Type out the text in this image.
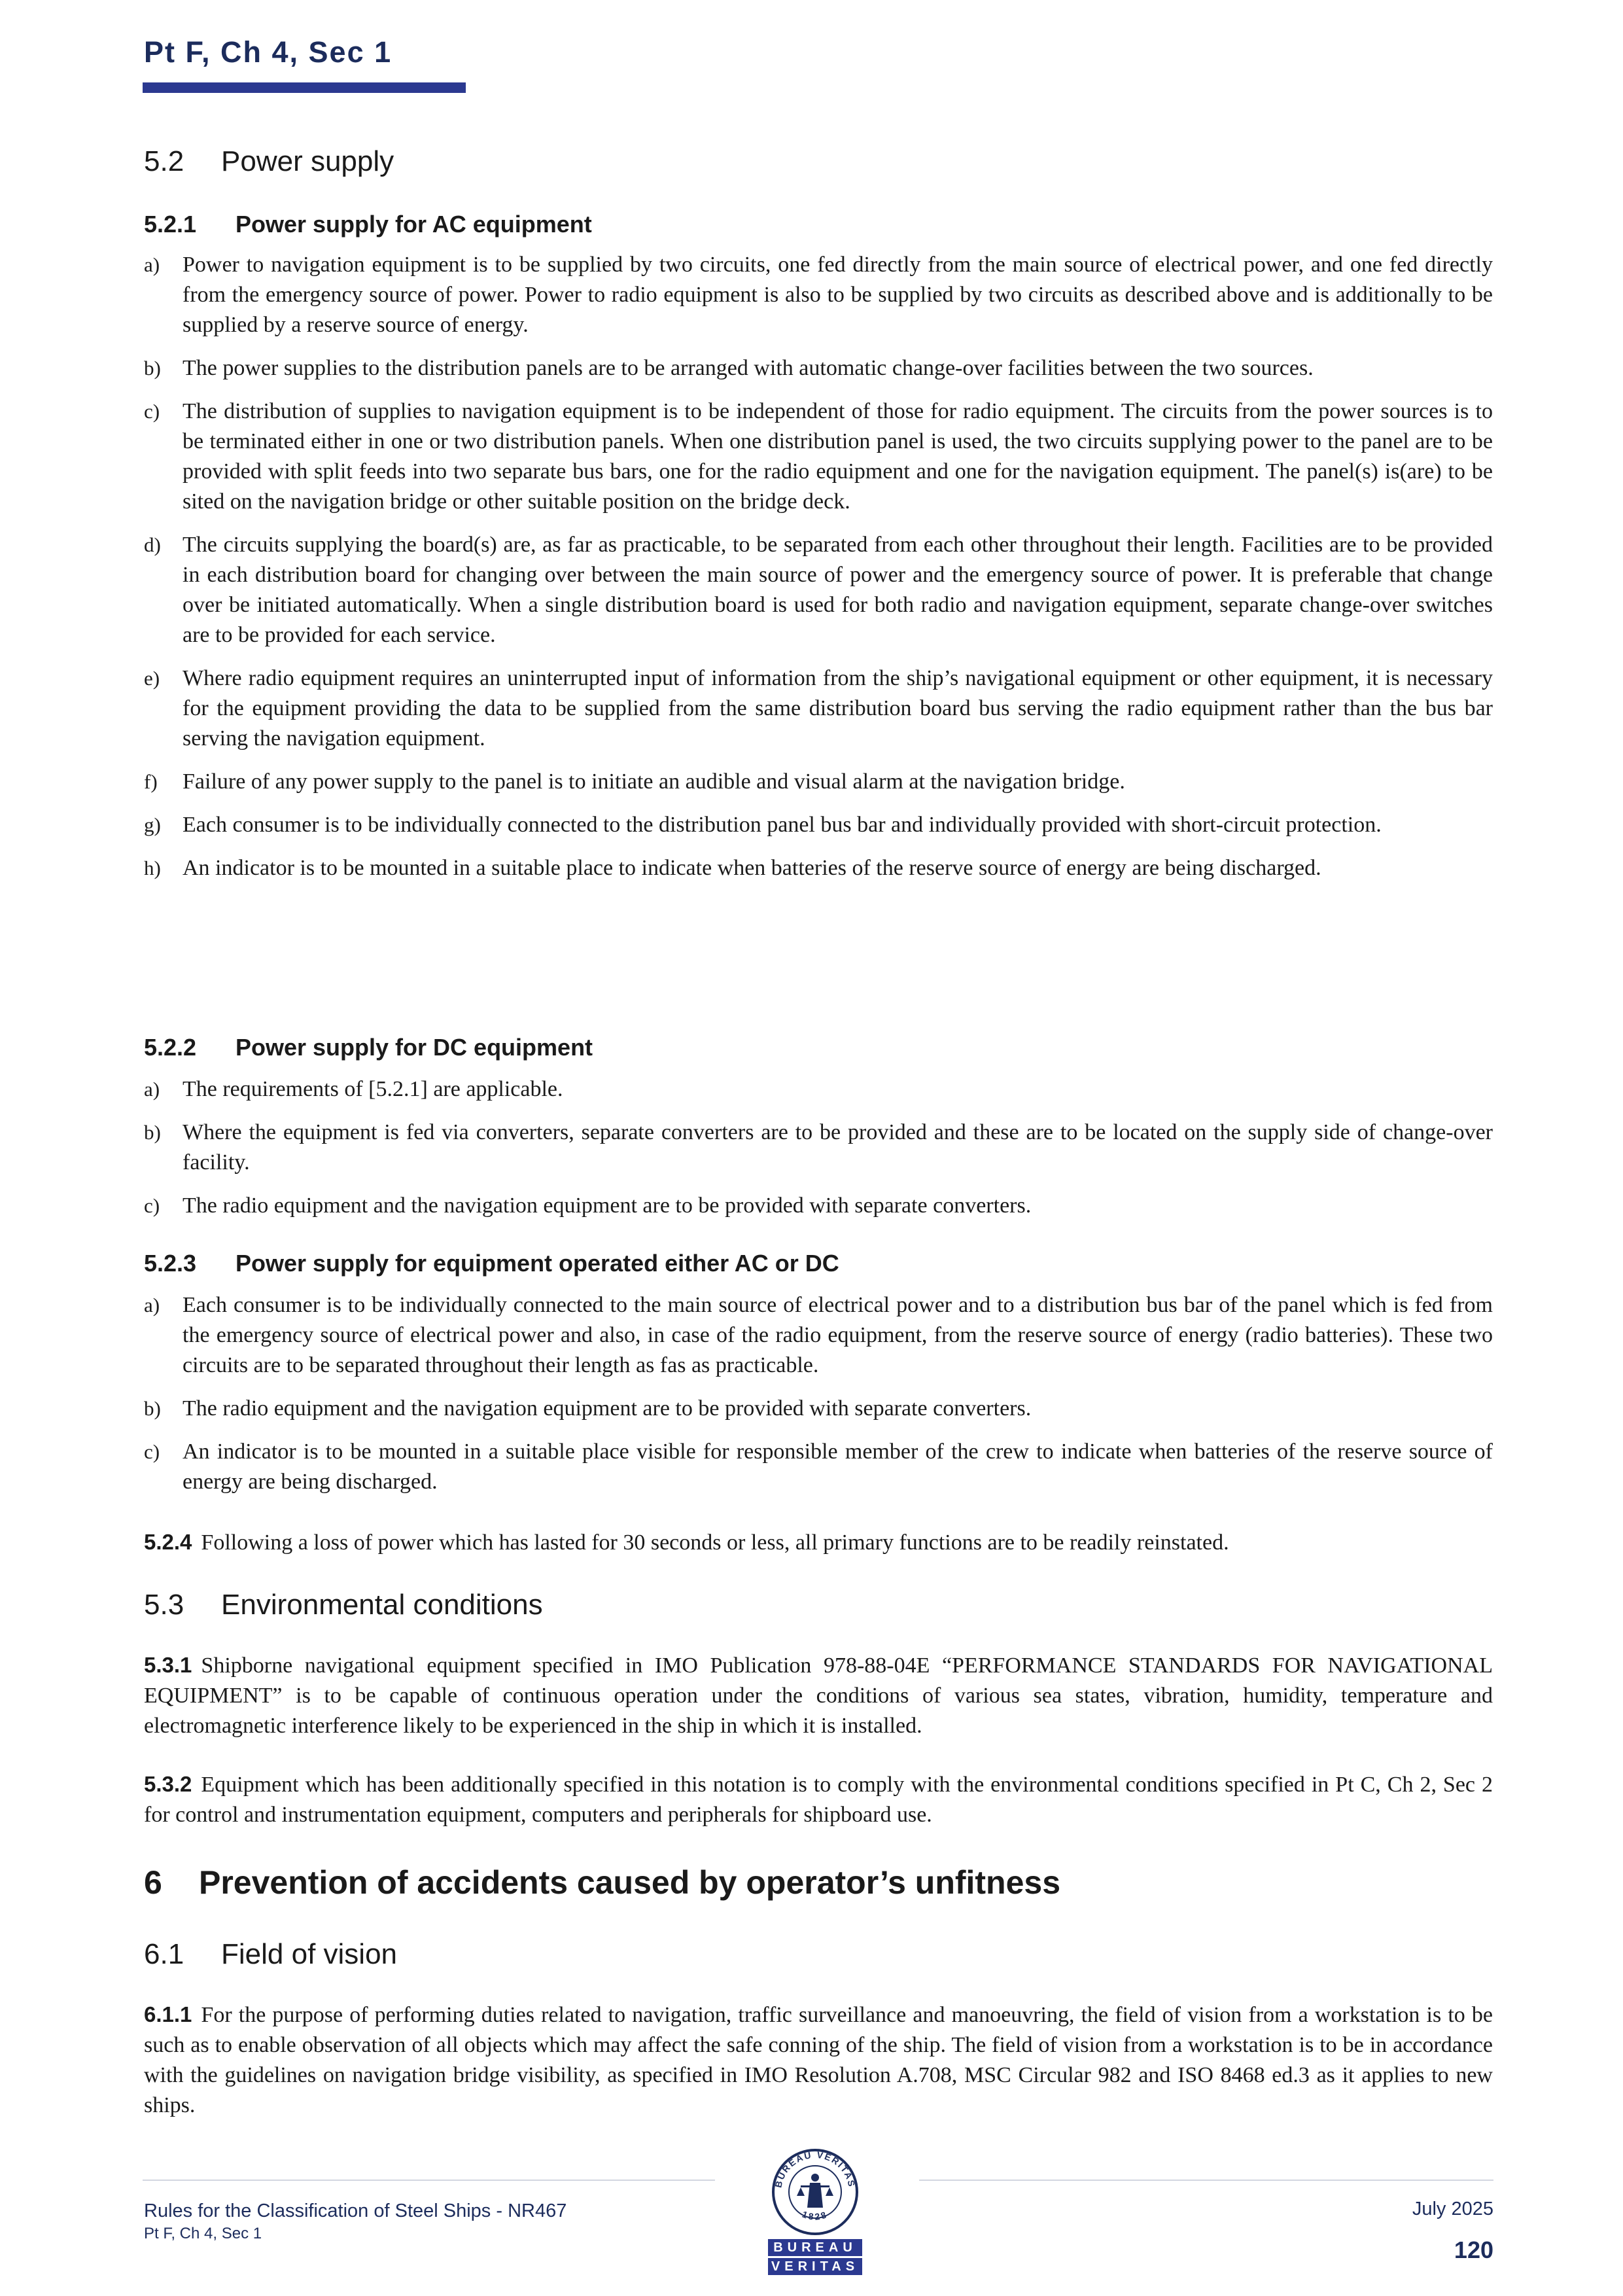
Pt F, Ch 4, Sec 1
5.2 Power supply
5.2.1 Power supply for AC equipment
a) Power to navigation equipment is to be supplied by two circuits, one fed directly from the main source of electrical power, and one fed directly from the emergency source of power. Power to radio equipment is also to be supplied by two circuits as described above and is additionally to be supplied by a reserve source of energy.
b) The power supplies to the distribution panels are to be arranged with automatic change-over facilities between the two sources.
c) The distribution of supplies to navigation equipment is to be independent of those for radio equipment. The circuits from the power sources is to be terminated either in one or two distribution panels. When one distribution panel is used, the two circuits supplying power to the panel are to be provided with split feeds into two separate bus bars, one for the radio equipment and one for the navigation equipment. The panel(s) is(are) to be sited on the navigation bridge or other suitable position on the bridge deck.
d) The circuits supplying the board(s) are, as far as practicable, to be separated from each other throughout their length. Facilities are to be provided in each distribution board for changing over between the main source of power and the emergency source of power. It is preferable that change over be initiated automatically. When a single distribution board is used for both radio and navigation equipment, separate change-over switches are to be provided for each service.
e) Where radio equipment requires an uninterrupted input of information from the ship’s navigational equipment or other equipment, it is necessary for the equipment providing the data to be supplied from the same distribution board bus serving the radio equipment rather than the bus bar serving the navigation equipment.
f) Failure of any power supply to the panel is to initiate an audible and visual alarm at the navigation bridge.
g) Each consumer is to be individually connected to the distribution panel bus bar and individually provided with short-circuit protection.
h) An indicator is to be mounted in a suitable place to indicate when batteries of the reserve source of energy are being discharged.
5.2.2 Power supply for DC equipment
a) The requirements of [5.2.1] are applicable.
b) Where the equipment is fed via converters, separate converters are to be provided and these are to be located on the supply side of change-over facility.
c) The radio equipment and the navigation equipment are to be provided with separate converters.
5.2.3 Power supply for equipment operated either AC or DC
a) Each consumer is to be individually connected to the main source of electrical power and to a distribution bus bar of the panel which is fed from the emergency source of electrical power and also, in case of the radio equipment, from the reserve source of energy (radio batteries). These two circuits are to be separated throughout their length as fas as practicable.
b) The radio equipment and the navigation equipment are to be provided with separate converters.
c) An indicator is to be mounted in a suitable place visible for responsible member of the crew to indicate when batteries of the reserve source of energy are being discharged.

5.2.4 Following a loss of power which has lasted for 30 seconds or less, all primary functions are to be readily reinstated.

5.3 Environmental conditions

5.3.1 Shipborne navigational equipment specified in IMO Publication 978-88-04E “PERFORMANCE STANDARDS FOR NAVIGATIONAL EQUIPMENT” is to be capable of continuous operation under the conditions of various sea states, vibration, humidity, temperature and electromagnetic interference likely to be experienced in the ship in which it is installed.

5.3.2 Equipment which has been additionally specified in this notation is to comply with the environmental conditions specified in Pt C, Ch 2, Sec 2 for control and instrumentation equipment, computers and peripherals for shipboard use.

6 Prevention of accidents caused by operator’s unfitness
6.1 Field of vision

6.1.1 For the purpose of performing duties related to navigation, traffic surveillance and manoeuvring, the field of vision from a workstation is to be such as to enable observation of all objects which may affect the safe conning of the ship. The field of vision from a workstation is to be in accordance with the guidelines on navigation bridge visibility, as specified in IMO Resolution A.708, MSC Circular 982 and ISO 8468 ed.3 as it applies to new ships.

Rules for the Classification of Steel Ships - NR467
Pt F, Ch 4, Sec 1
BUREAU VERITAS
1828
BUREAU
VERITAS
July 2025
120
